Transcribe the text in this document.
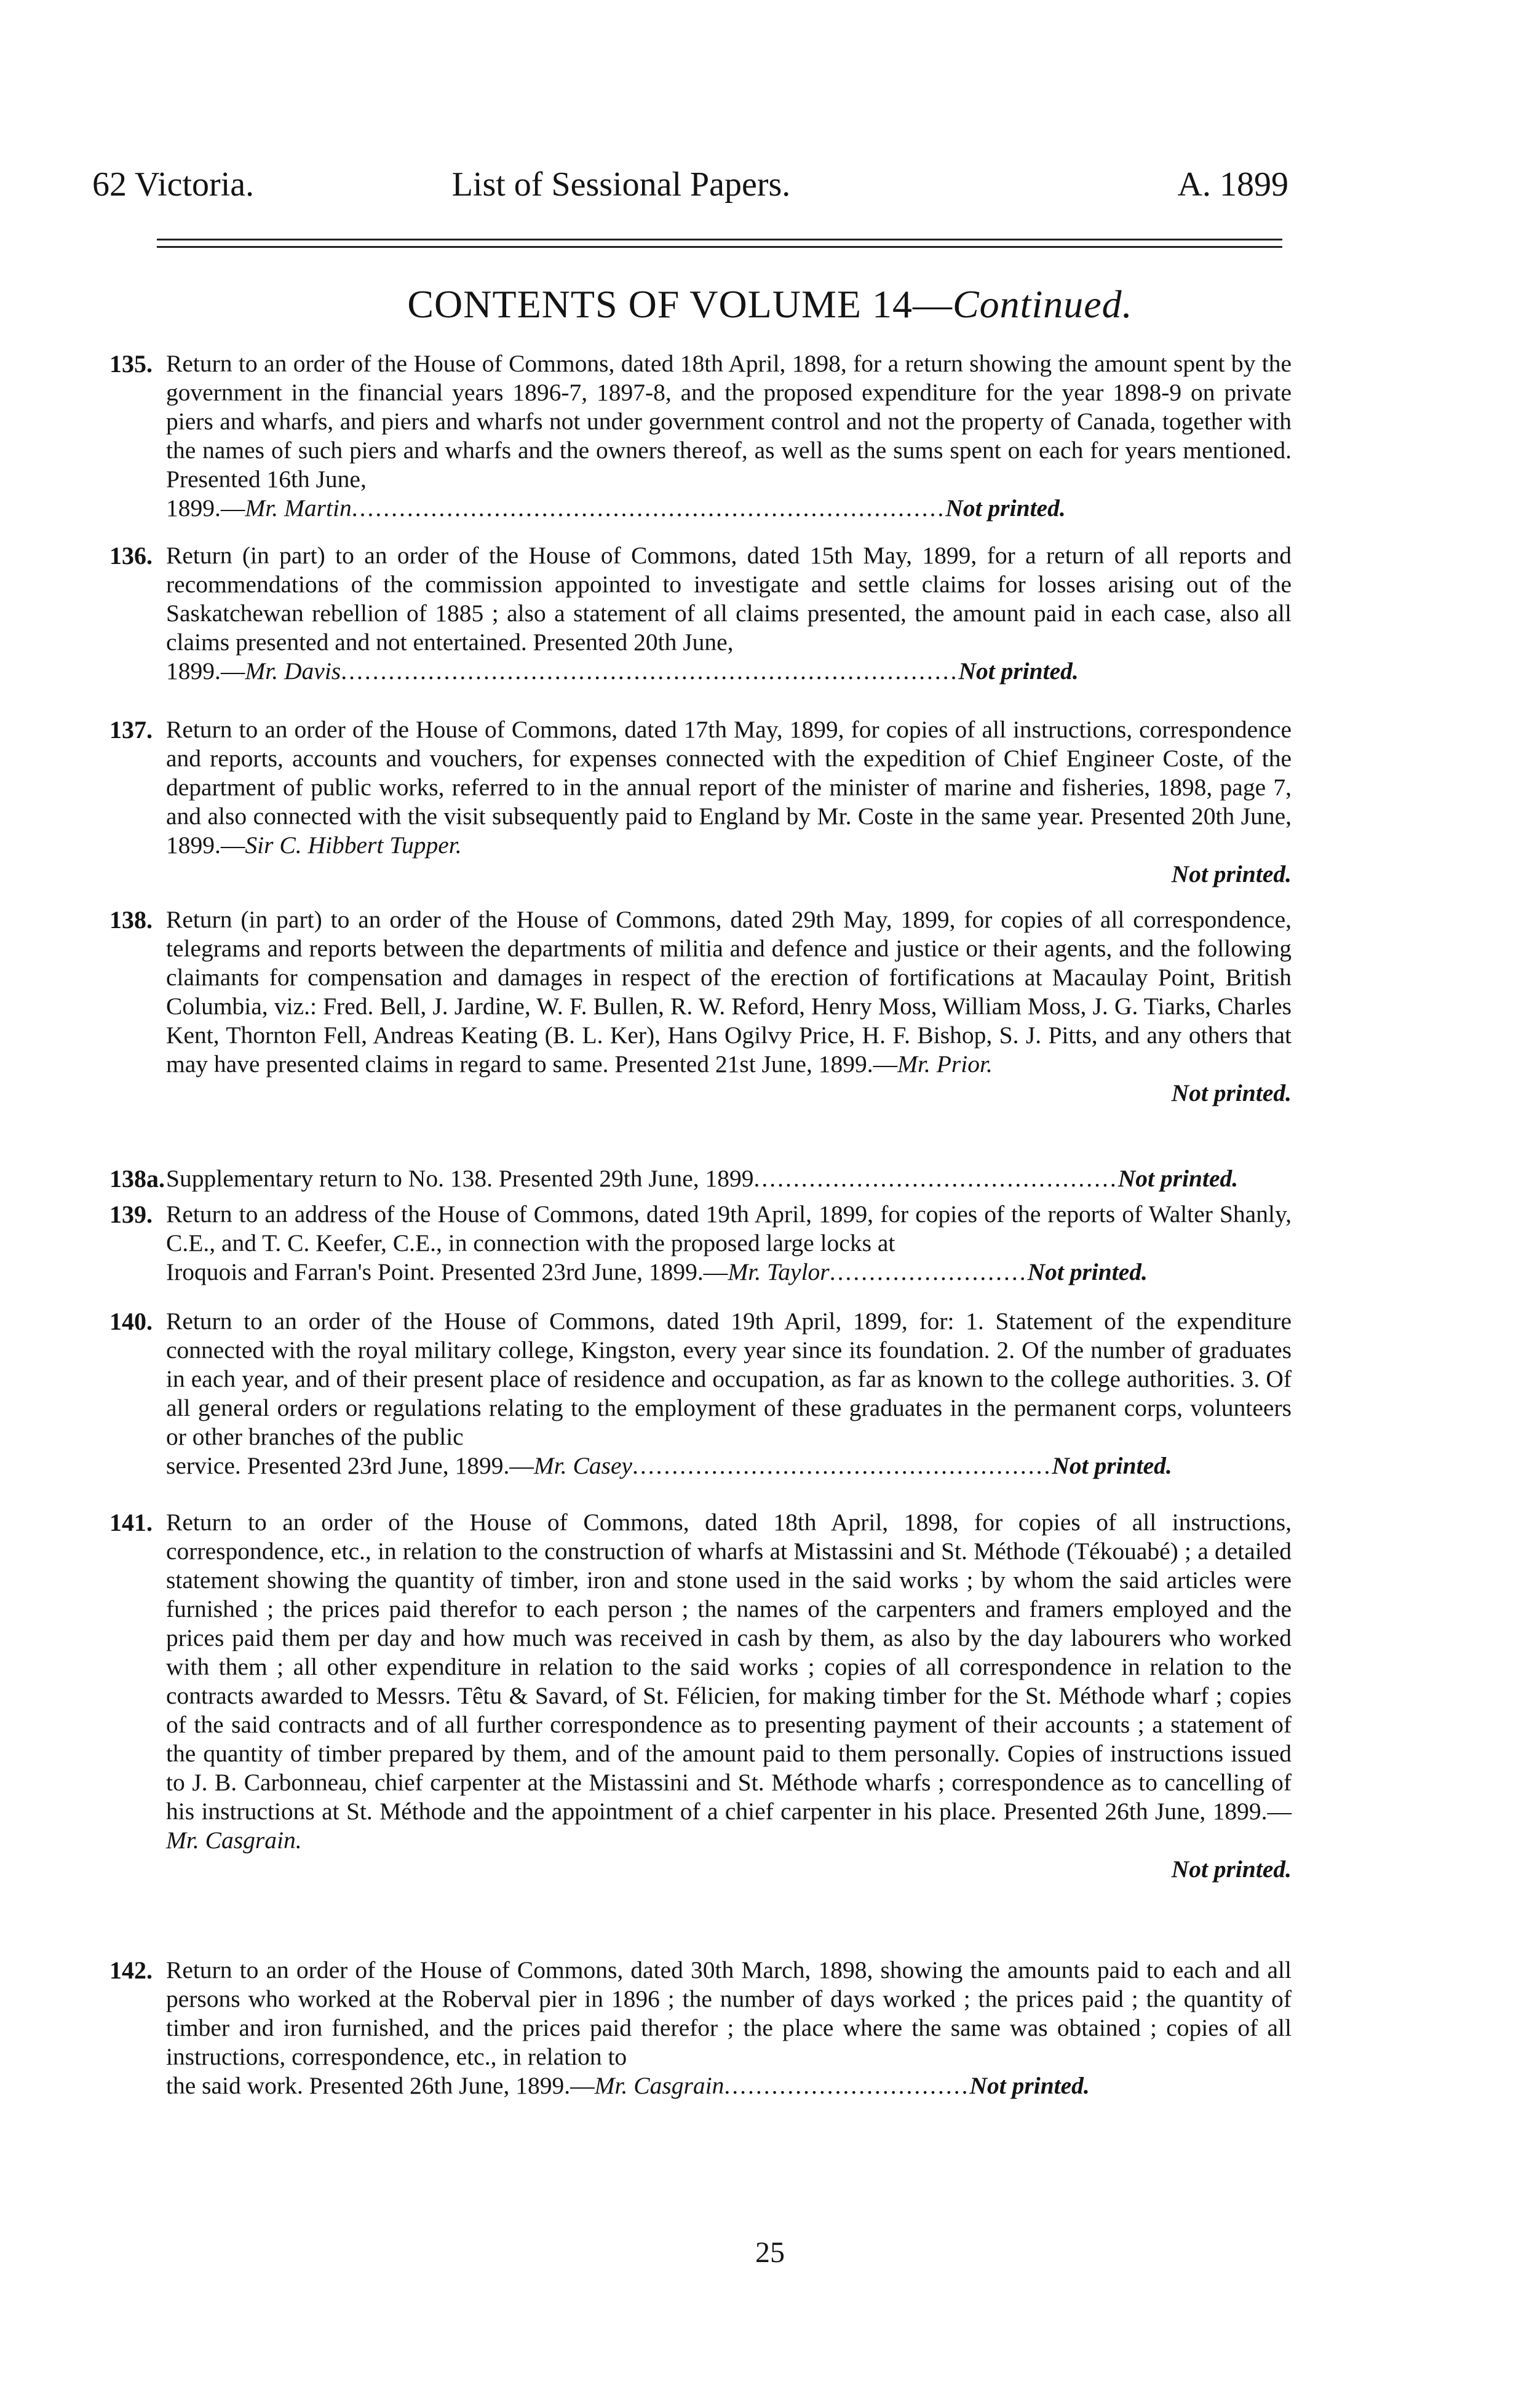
62 Victoria.	List of Sessional Papers.	A. 1899
CONTENTS OF VOLUME 14—Continued.
135. Return to an order of the House of Commons, dated 18th April, 1898, for a return showing the amount spent by the government in the financial years 1896-7, 1897-8, and the proposed expenditure for the year 1898-9 on private piers and wharfs, and piers and wharfs not under government control and not the property of Canada, together with the names of such piers and wharfs and the owners thereof, as well as the sums spent on each for years mentioned. Presented 16th June,
1899.—Mr. Martin...........................................................................Not printed.
136. Return (in part) to an order of the House of Commons, dated 15th May, 1899, for a return of all reports and recommendations of the commission appointed to investigate and settle claims for losses arising out of the Saskatchewan rebellion of 1885 ; also a statement of all claims presented, the amount paid in each case, also all claims presented and not entertained. Presented 20th June,
1899.—Mr. Davis..............................................................................Not printed.
137. Return to an order of the House of Commons, dated 17th May, 1899, for copies of all instructions, correspondence and reports, accounts and vouchers, for expenses connected with the expedition of Chief Engineer Coste, of the department of public works, referred to in the annual report of the minister of marine and fisheries, 1898, page 7, and also connected with the visit subsequently paid to England by Mr. Coste in the same year. Presented 20th June, 1899.—Sir C. Hibbert Tupper.
Not printed.
138. Return (in part) to an order of the House of Commons, dated 29th May, 1899, for copies of all correspondence, telegrams and reports between the departments of militia and defence and justice or their agents, and the following claimants for compensation and damages in respect of the erection of fortifications at Macaulay Point, British Columbia, viz.: Fred. Bell, J. Jardine, W. F. Bullen, R. W. Reford, Henry Moss, William Moss, J. G. Tiarks, Charles Kent, Thornton Fell, Andreas Keating (B. L. Ker), Hans Ogilvy Price, H. F. Bishop, S. J. Pitts, and any others that may have presented claims in regard to same. Presented 21st June, 1899.—Mr. Prior.
Not printed.
138a. Supplementary return to No. 138. Presented 29th June, 1899..............................................Not printed.
139. Return to an address of the House of Commons, dated 19th April, 1899, for copies of the reports of Walter Shanly, C.E., and T. C. Keefer, C.E., in connection with the proposed large locks at
Iroquois and Farran's Point. Presented 23rd June, 1899.—Mr. Taylor.........................Not printed.
140. Return to an order of the House of Commons, dated 19th April, 1899, for: 1. Statement of the expenditure connected with the royal military college, Kingston, every year since its foundation. 2. Of the number of graduates in each year, and of their present place of residence and occupation, as far as known to the college authorities. 3. Of all general orders or regulations relating to the employment of these graduates in the permanent corps, volunteers or other branches of the public
service. Presented 23rd June, 1899.—Mr. Casey.....................................................Not printed.
141. Return to an order of the House of Commons, dated 18th April, 1898, for copies of all instructions, correspondence, etc., in relation to the construction of wharfs at Mistassini and St. Méthode (Tékouabé) ; a detailed statement showing the quantity of timber, iron and stone used in the said works ; by whom the said articles were furnished ; the prices paid therefor to each person ; the names of the carpenters and framers employed and the prices paid them per day and how much was received in cash by them, as also by the day labourers who worked with them ; all other expenditure in relation to the said works ; copies of all correspondence in relation to the contracts awarded to Messrs. Têtu & Savard, of St. Félicien, for making timber for the St. Méthode wharf ; copies of the said contracts and of all further correspondence as to presenting payment of their accounts ; a statement of the quantity of timber prepared by them, and of the amount paid to them personally. Copies of instructions issued to J. B. Carbonneau, chief carpenter at the Mistassini and St. Méthode wharfs ; correspondence as to cancelling of his instructions at St. Méthode and the appointment of a chief carpenter in his place. Presented 26th June, 1899.—Mr. Casgrain.
Not printed.
142. Return to an order of the House of Commons, dated 30th March, 1898, showing the amounts paid to each and all persons who worked at the Roberval pier in 1896 ; the number of days worked ; the prices paid ; the quantity of timber and iron furnished, and the prices paid therefor ; the place where the same was obtained ; copies of all instructions, correspondence, etc., in relation to
the said work. Presented 26th June, 1899.—Mr. Casgrain...............................Not printed.
25
